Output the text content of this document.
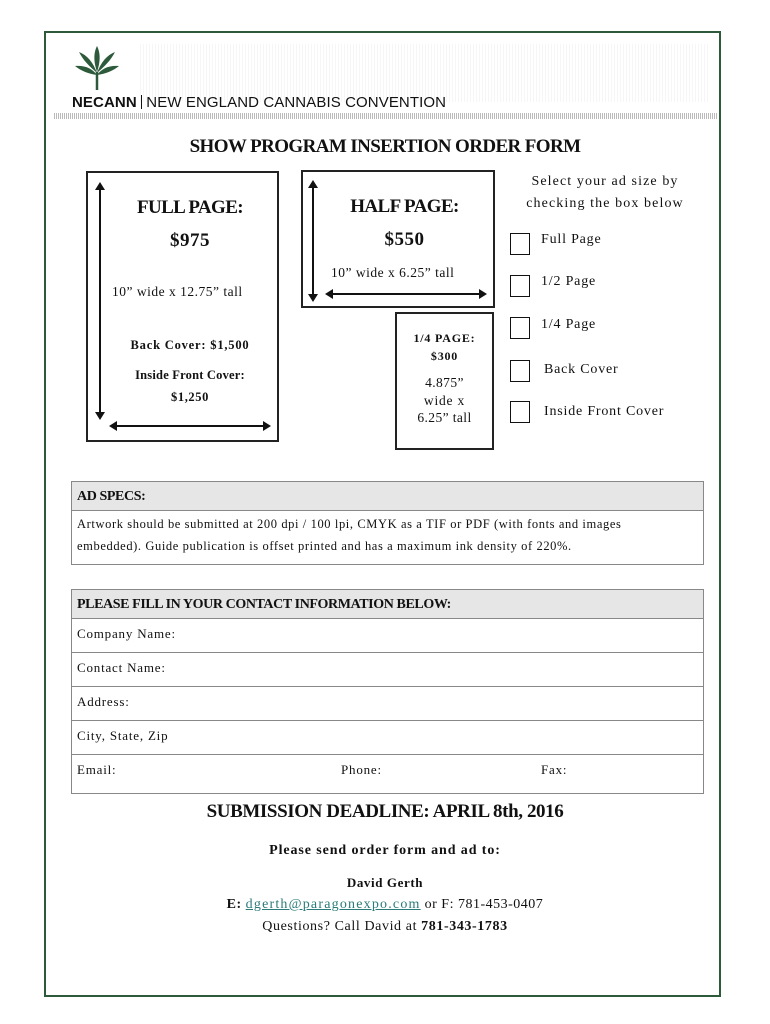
NECANN NEW ENGLAND CANNABIS CONVENTION
SHOW PROGRAM INSERTION ORDER FORM
FULL PAGE:
$975
10” wide x 12.75” tall
Back Cover: $1,500
Inside Front Cover:
$1,250
HALF PAGE:
$550
10” wide x 6.25” tall
1/4 PAGE:
$300
4.875”
wide x
6.25” tall
Select your ad size by
checking the box below
Full Page
1/2 Page
1/4 Page
Back Cover
Inside Front Cover
AD SPECS:
Artwork should be submitted at 200 dpi / 100 lpi, CMYK as a TIF or PDF (with fonts and images
embedded). Guide publication is offset printed and has a maximum ink density of 220%.
PLEASE FILL IN YOUR CONTACT INFORMATION BELOW:
Company Name:
Contact Name:
Address:
City, State, Zip
Email:	Phone:	Fax:
SUBMISSION DEADLINE: APRIL 8th, 2016
Please send order form and ad to:
David Gerth
E: dgerth@paragonexpo.com or F: 781-453-0407
Questions? Call David at 781-343-1783
